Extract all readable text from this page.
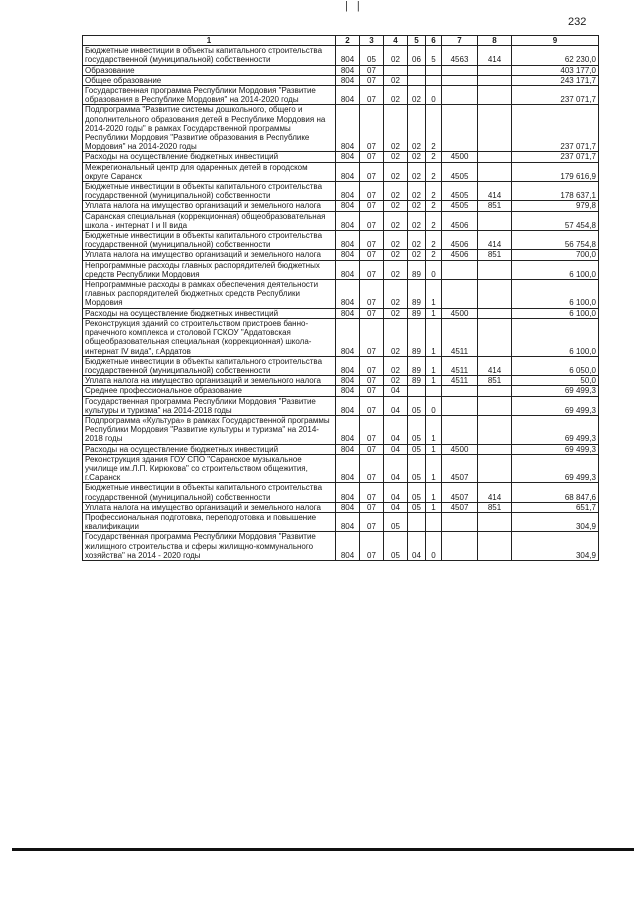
| |
232
1	2	3	4	5	6	7	8	9
Бюджетные инвестиции в объекты капитального строительства государственной (муниципальной) собственности	804	05	02	06	5	4563	414	62 230,0
Образование	804	07						403 177,0
Общее образование	804	07	02					243 171,7
Государственная программа Республики Мордовия "Развитие образования в Республике Мордовия" на 2014-2020 годы	804	07	02	02	0			237 071,7
Подпрограмма "Развитие системы дошкольного, общего и дополнительного образования детей в Республике Мордовия на 2014-2020 годы" в рамках Государственной программы Республики Мордовия "Развитие образования в Республике Мордовия" на 2014-2020 годы	804	07	02	02	2			237 071,7
Расходы на осуществление бюджетных инвестиций	804	07	02	02	2	4500		237 071,7
Межрегиональный центр для одаренных детей в городском округе Саранск	804	07	02	02	2	4505		179 616,9
Бюджетные инвестиции в объекты капитального строительства государственной (муниципальной) собственности	804	07	02	02	2	4505	414	178 637,1
Уплата налога на имущество организаций и земельного налога	804	07	02	02	2	4505	851	979,8
Саранская специальная (коррекционная) общеобразовательная школа - интернат I и II вида	804	07	02	02	2	4506		57 454,8
Бюджетные инвестиции в объекты капитального строительства государственной (муниципальной) собственности	804	07	02	02	2	4506	414	56 754,8
Уплата налога на имущество организаций и земельного налога	804	07	02	02	2	4506	851	700,0
Непрограммные расходы главных распорядителей бюджетных средств Республики Мордовия	804	07	02	89	0			6 100,0
Непрограммные расходы в рамках обеспечения деятельности главных распорядителей бюджетных средств Республики Мордовия	804	07	02	89	1			6 100,0
Расходы на осуществление бюджетных инвестиций	804	07	02	89	1	4500		6 100,0
Реконструкция зданий со строительством пристроев банно-прачечного комплекса и столовой ГСКОУ "Ардатовская общеобразовательная специальная (коррекционная) школа-интернат IV вида", г.Ардатов	804	07	02	89	1	4511		6 100,0
Бюджетные инвестиции в объекты капитального строительства государственной (муниципальной) собственности	804	07	02	89	1	4511	414	6 050,0
Уплата налога на имущество организаций и земельного налога	804	07	02	89	1	4511	851	50,0
Среднее профессиональное образование	804	07	04					69 499,3
Государственная программа Республики Мордовия "Развитие культуры и туризма" на 2014-2018 годы	804	07	04	05	0			69 499,3
Подпрограмма «Культура» в рамках Государственной программы Республики Мордовия "Развитие культуры и туризма" на 2014-2018 годы	804	07	04	05	1			69 499,3
Расходы на осуществление бюджетных инвестиций	804	07	04	05	1	4500		69 499,3
Реконструкция здания ГОУ СПО "Саранское музыкальное училище им.Л.П. Кирюкова" со строительством общежития, г.Саранск	804	07	04	05	1	4507		69 499,3
Бюджетные инвестиции в объекты капитального строительства государственной (муниципальной) собственности	804	07	04	05	1	4507	414	68 847,6
Уплата налога на имущество организаций и земельного налога	804	07	04	05	1	4507	851	651,7
Профессиональная подготовка, переподготовка и повышение квалификации	804	07	05					304,9
Государственная программа Республики Мордовия "Развитие жилищного строительства и сферы жилищно-коммунального хозяйства" на 2014 - 2020 годы	804	07	05	04	0			304,9
